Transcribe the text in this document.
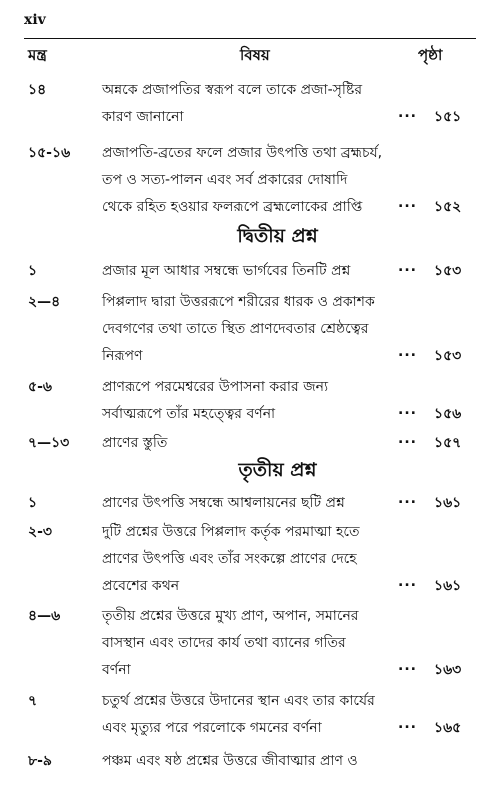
xiv
মন্ত্র	বিষয়	পৃষ্ঠা
১৪	অন্নকে প্রজাপতির স্বরূপ বলে তাকে প্রজা-সৃষ্টির
কারণ জানানো	... ১৫১
১৫-১৬ প্রজাপতি-ব্রতের ফলে প্রজার উৎপত্তি তথা ব্রহ্মচর্য,
তপ ও সত্য-পালন এবং সর্ব প্রকারের দোষাদি
থেকে রহিত হওয়ার ফলরূপে ব্রহ্মলোকের প্রাপ্তি	... ১৫২
দ্বিতীয় প্রশ্ন
১	প্রজার মূল আধার সম্বন্ধে ভার্গবের তিনটি প্রশ্ন	... ১৫৩
২—৪	পিপ্পলাদ দ্বারা উত্তররূপে শরীরের ধারক ও প্রকাশক
দেবগণের তথা তাতে স্থিত প্রাণদেবতার শ্রেষ্ঠত্বের
নিরূপণ	... ১৫৩
৫-৬	প্রাণরূপে পরমেশ্বরের উপাসনা করার জন্য
সর্বাত্মরূপে তাঁর মহত্ত্বের বর্ণনা	... ১৫৬
৭—১৩ প্রাণের স্তুতি	... ১৫৭
তৃতীয় প্রশ্ন
১	প্রাণের উৎপত্তি সম্বন্ধে আশ্বলায়নের ছটি প্রশ্ন	... ১৬১
২-৩	দুটি প্রশ্নের উত্তরে পিপ্পলাদ কর্তৃক পরমাত্মা হতে
প্রাণের উৎপত্তি এবং তাঁর সংকল্পে প্রাণের দেহে
প্রবেশের কথন	... ১৬১
৪—৬	তৃতীয় প্রশ্নের উত্তরে মুখ্য প্রাণ, অপান, সমানের
বাসস্থান এবং তাদের কার্য তথা ব্যানের গতির
বর্ণনা	... ১৬৩
৭	চতুর্থ প্রশ্নের উত্তরে উদানের স্থান এবং তার কার্যের
এবং মৃত্যুর পরে পরলোকে গমনের বর্ণনা	... ১৬৫
৮-৯	পঞ্চম এবং ষষ্ঠ প্রশ্নের উত্তরে জীবাত্মার প্রাণ ও
